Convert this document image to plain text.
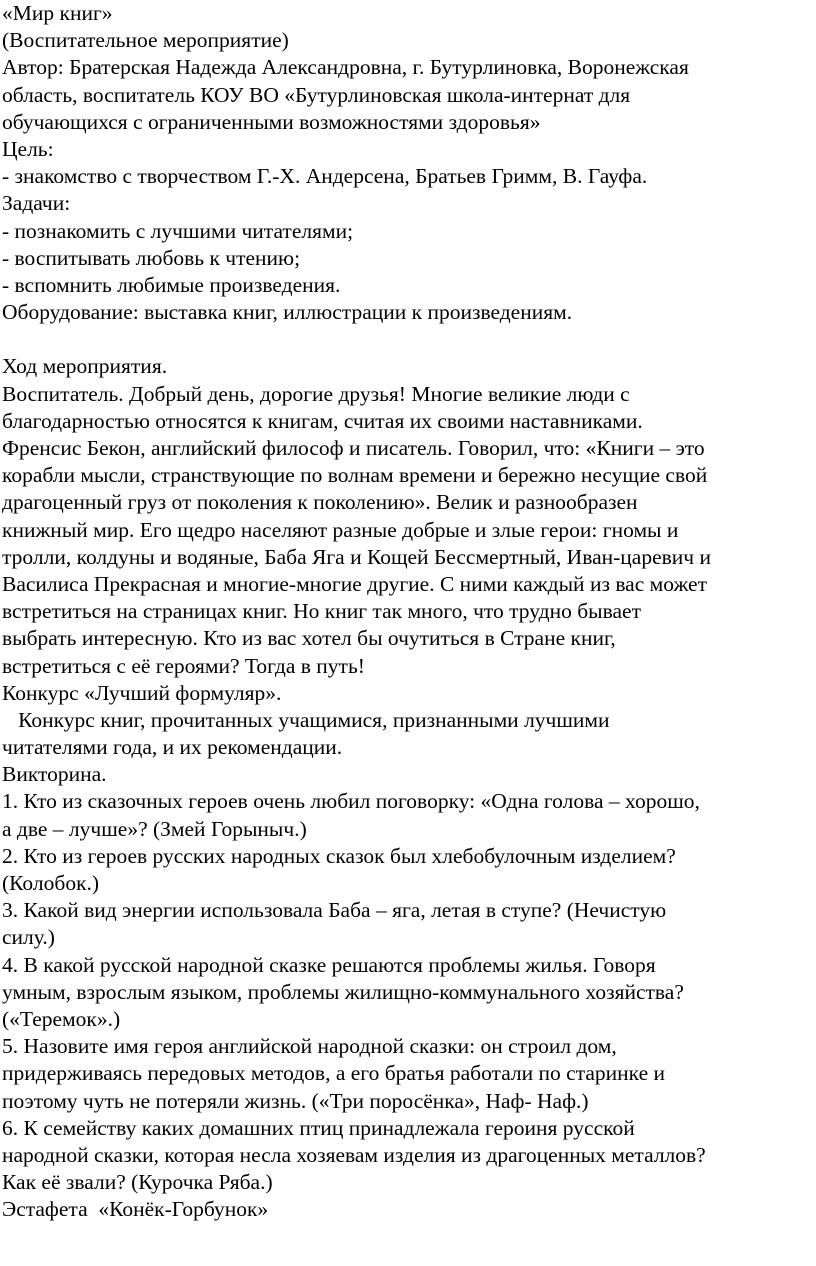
«Мир книг»
(Воспитательное мероприятие)
Автор: Братерская Надежда Александровна, г. Бутурлиновка, Воронежская
область, воспитатель КОУ ВО «Бутурлиновская школа-интернат для
обучающихся с ограниченными возможностями здоровья»
Цель:
- знакомство с творчеством Г.-Х. Андерсена, Братьев Гримм, В. Гауфа.
Задачи:
- познакомить с лучшими читателями;
- воспитывать любовь к чтению;
- вспомнить любимые произведения.
Оборудование: выставка книг, иллюстрации к произведениям.
Ход мероприятия.
Воспитатель. Добрый день, дорогие друзья! Многие великие люди с
благодарностью относятся к книгам, считая их своими наставниками.
Френсис Бекон, английский философ и писатель. Говорил, что: «Книги – это
корабли мысли, странствующие по волнам времени и бережно несущие свой
драгоценный груз от поколения к поколению». Велик и разнообразен
книжный мир. Его щедро населяют разные добрые и злые герои: гномы и
тролли, колдуны и водяные, Баба Яга и Кощей Бессмертный, Иван-царевич и
Василиса Прекрасная и многие-многие другие. С ними каждый из вас может
встретиться на страницах книг. Но книг так много, что трудно бывает
выбрать интересную. Кто из вас хотел бы очутиться в Стране книг,
встретиться с её героями? Тогда в путь!
Конкурс «Лучший формуляр».
Конкурс книг, прочитанных учащимися, признанными лучшими
читателями года, и их рекомендации.
Викторина.
1. Кто из сказочных героев очень любил поговорку: «Одна голова – хорошо,
а две – лучше»? (Змей Горыныч.)
2. Кто из героев русских народных сказок был хлебобулочным изделием?
(Колобок.)
3. Какой вид энергии использовала Баба – яга, летая в ступе? (Нечистую
силу.)
4. В какой русской народной сказке решаются проблемы жилья. Говоря
умным, взрослым языком, проблемы жилищно-коммунального хозяйства?
(«Теремок».)
5. Назовите имя героя английской народной сказки: он строил дом,
придерживаясь передовых методов, а его братья работали по старинке и
поэтому чуть не потеряли жизнь. («Три поросёнка», Наф- Наф.)
6. К семейству каких домашних птиц принадлежала героиня русской
народной сказки, которая несла хозяевам изделия из драгоценных металлов?
Как её звали? (Курочка Ряба.)
Эстафета  «Конёк-Горбунок»
